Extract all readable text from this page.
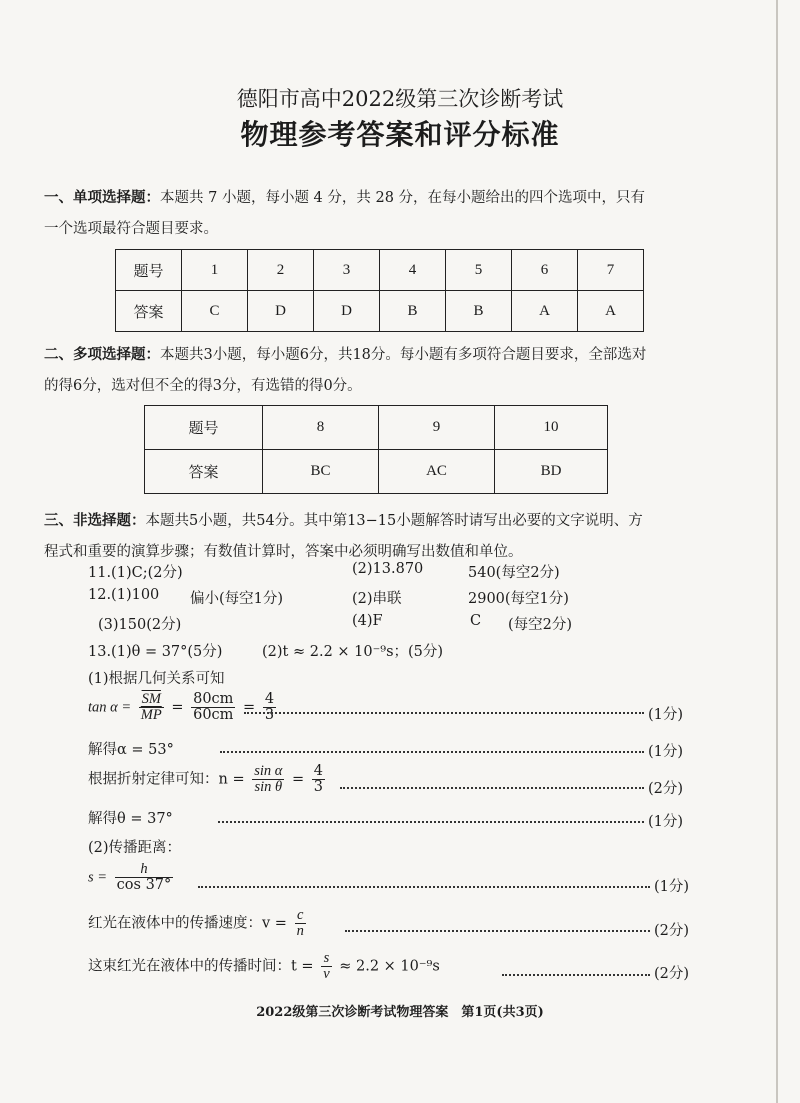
德阳市高中2022级第三次诊断考试
物理参考答案和评分标准
一、单项选择题：本题共 7 小题，每小题 4 分，共 28 分，在每小题给出的四个选项中，只有
一个选项最符合题目要求。
题号	1	2	3	4	5	6	7
答案	C	D	D	B	B	A	A
二、多项选择题：本题共3小题，每小题6分，共18分。每小题有多项符合题目要求，全部选对
的得6分，选对但不全的得3分，有选错的得0分。
题号	8	9	10
答案	BC	AC	BD
三、非选择题：本题共5小题，共54分。其中第13−15小题解答时请写出必要的文字说明、方
程式和重要的演算步骤；有数值计算时，答案中必须明确写出数值和单位。
11.(1)C;(2分)	(2)13.870	540(每空2分)
12.(1)100 偏小(每空1分)	(2)串联	2900(每空1分)
(3)150(2分)	(4)F	C (每空2分)
13.(1)θ = 37°(5分)	(2)t ≈ 2.2 × 10⁻⁹s；(5分)
(1)根据几何关系可知
$\tan \alpha = \frac{\overline{SM}}{MP} = \frac{80cm}{60cm} = \frac{4}{3}$	(1分)
解得α = 53°	(1分)
根据折射定律可知：$n = \frac{\text{sin α}}{\text{sin θ}} = \frac{4}{3}$	(2分)
解得θ = 37°	(1分)
(2)传播距离：
$s = \frac{h}{\cos 37^\circ}$	(1分)
红光在液体中的传播速度：$v = \frac{c}{n}$	(2分)
这束红光在液体中的传播时间：$t = \frac{s}{v} \approx 2.2 \times 10^{-9}s$	(2分)
2022级第三次诊断考试物理答案　第1页(共3页)
